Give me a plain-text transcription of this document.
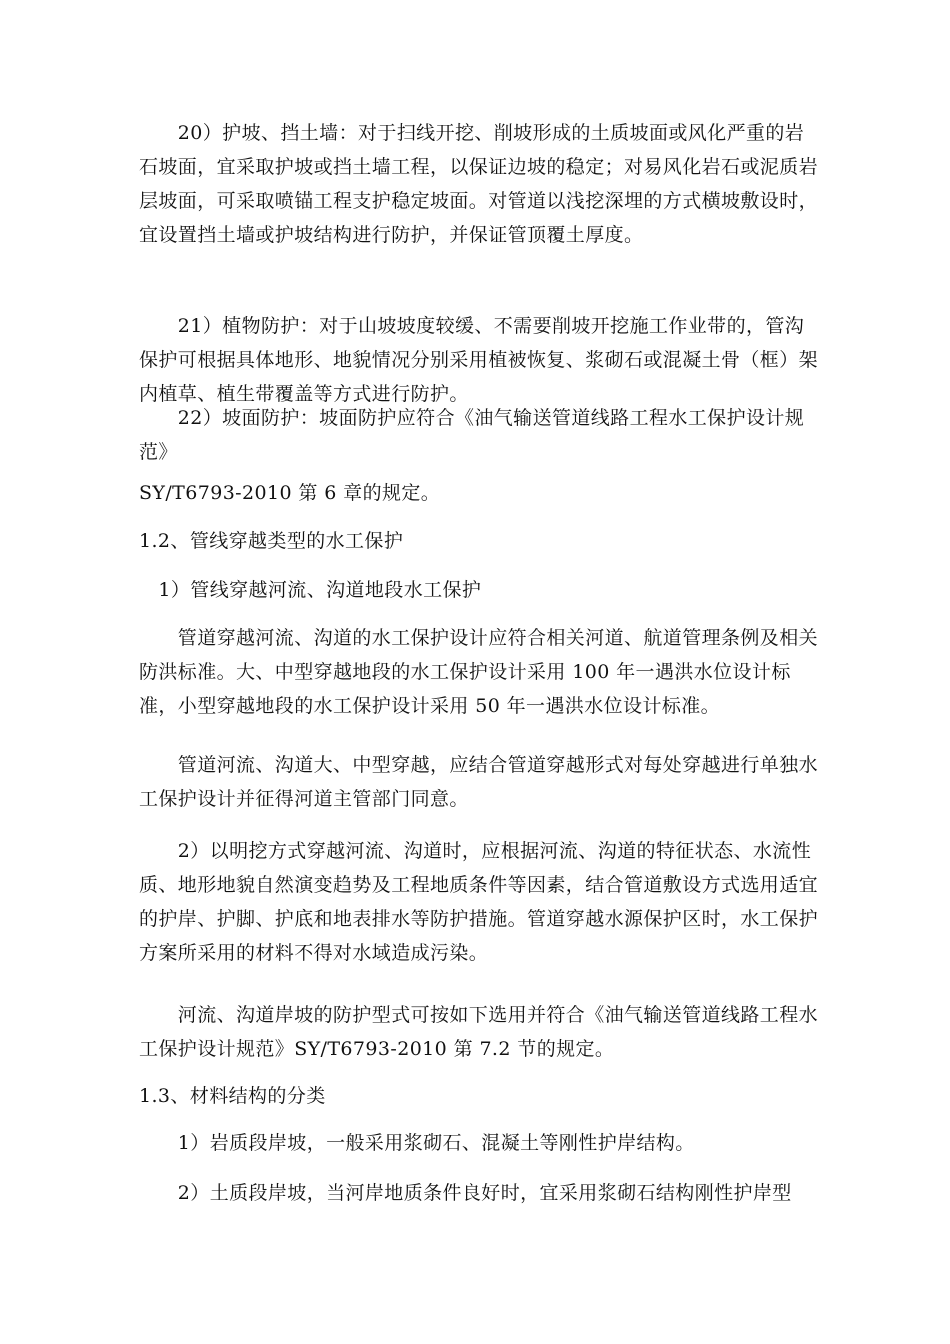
　　20）护坡、挡土墙：对于扫线开挖、削坡形成的土质坡面或风化严重的岩石坡面，宜采取护坡或挡土墙工程，以保证边坡的稳定；对易风化岩石或泥质岩层坡面，可采取喷锚工程支护稳定坡面。对管道以浅挖深埋的方式横坡敷设时，宜设置挡土墙或护坡结构进行防护，并保证管顶覆土厚度。

　　21）植物防护：对于山坡坡度较缓、不需要削坡开挖施工作业带的，管沟保护可根据具体地形、地貌情况分别采用植被恢复、浆砌石或混凝土骨（框）架内植草、植生带覆盖等方式进行防护。

　　22）坡面防护：坡面防护应符合《油气输送管道线路工程水工保护设计规范》

SY/T6793-2010 第 6 章的规定。

1.2、管线穿越类型的水工保护

　1）管线穿越河流、沟道地段水工保护

　　管道穿越河流、沟道的水工保护设计应符合相关河道、航道管理条例及相关防洪标准。大、中型穿越地段的水工保护设计采用 100 年一遇洪水位设计标准，小型穿越地段的水工保护设计采用 50 年一遇洪水位设计标准。

　　管道河流、沟道大、中型穿越，应结合管道穿越形式对每处穿越进行单独水工保护设计并征得河道主管部门同意。

　　2）以明挖方式穿越河流、沟道时，应根据河流、沟道的特征状态、水流性质、地形地貌自然演变趋势及工程地质条件等因素，结合管道敷设方式选用适宜的护岸、护脚、护底和地表排水等防护措施。管道穿越水源保护区时，水工保护方案所采用的材料不得对水域造成污染。

　　河流、沟道岸坡的防护型式可按如下选用并符合《油气输送管道线路工程水工保护设计规范》SY/T6793-2010 第 7.2 节的规定。

1.3、材料结构的分类

　　1）岩质段岸坡，一般采用浆砌石、混凝土等刚性护岸结构。

　　2）土质段岸坡，当河岸地质条件良好时，宜采用浆砌石结构刚性护岸型
